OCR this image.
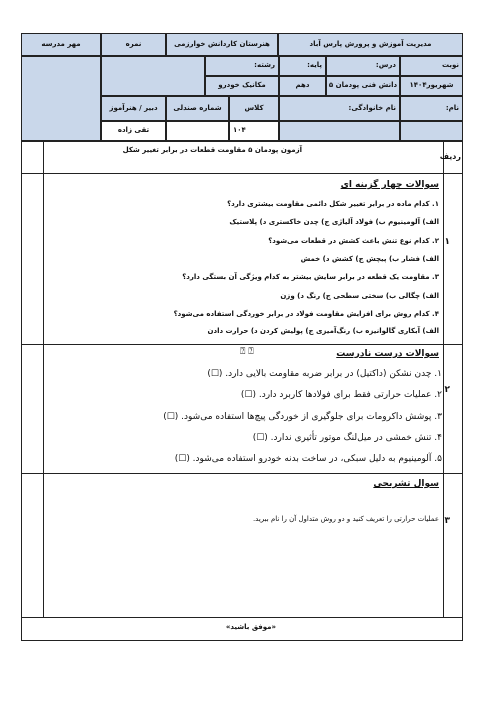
مدیریت آموزش و پرورش پارس آباد
هنرستان کاردانش خوارزمی
نمره
مهر مدرسه
نوبت
درس:
پایه:
رشته:
شهریور۱۴۰۴
دانش فنی پودمان ۵
دهم
مکانیک خودرو
نام:
نام خانوادگی:
کلاس
شماره صندلی
دبیر / هنرآموز
۱۰۴
تقی زاده
ردیف
آزمون پودمان ۵ مقاومت قطعات در برابر تغییر شکل
سوالات چهار گزینه ای
۱
۱. کدام ماده در برابر تغییر شکل دائمی مقاومت بیشتری دارد؟
الف) آلومینیوم ب) فولاد آلیاژی ج) چدن خاکستری د) پلاستیک
۲. کدام نوع تنش باعث کشش در قطعات می‌شود؟
الف) فشار ب) پیچش ج) کشش د) خمش
۳. مقاومت یک قطعه در برابر سایش بیشتر به کدام ویژگی آن بستگی دارد؟
الف) چگالی ب) سختی سطحی ج) رنگ د) وزن
۴. کدام روش برای افزایش مقاومت فولاد در برابر خوردگی استفاده می‌شود؟
الف) آبکاری گالوانیزه ب) رنگ‌آمیزی ج) پولیش کردن د) حرارت دادن
سوالات درست نادرست
⍰ ⍰
۲
۱. چدن نشکن (داکتیل) در برابر ضربه مقاومت بالایی دارد. (☐)
۲. عملیات حرارتی فقط برای فولادها کاربرد دارد. (☐)
۳. پوشش داکرومات برای جلوگیری از خوردگی پیچ‌ها استفاده می‌شود. (☐)
۴. تنش خمشی در میل‌لنگ موتور تأثیری ندارد. (☐)
۵. آلومینیوم به دلیل سبکی، در ساخت بدنه خودرو استفاده می‌شود. (☐)
سوال تشریحی
۳
عملیات حرارتی را تعریف کنید و دو روش متداول آن را نام ببرید.
«موفق باشید»
